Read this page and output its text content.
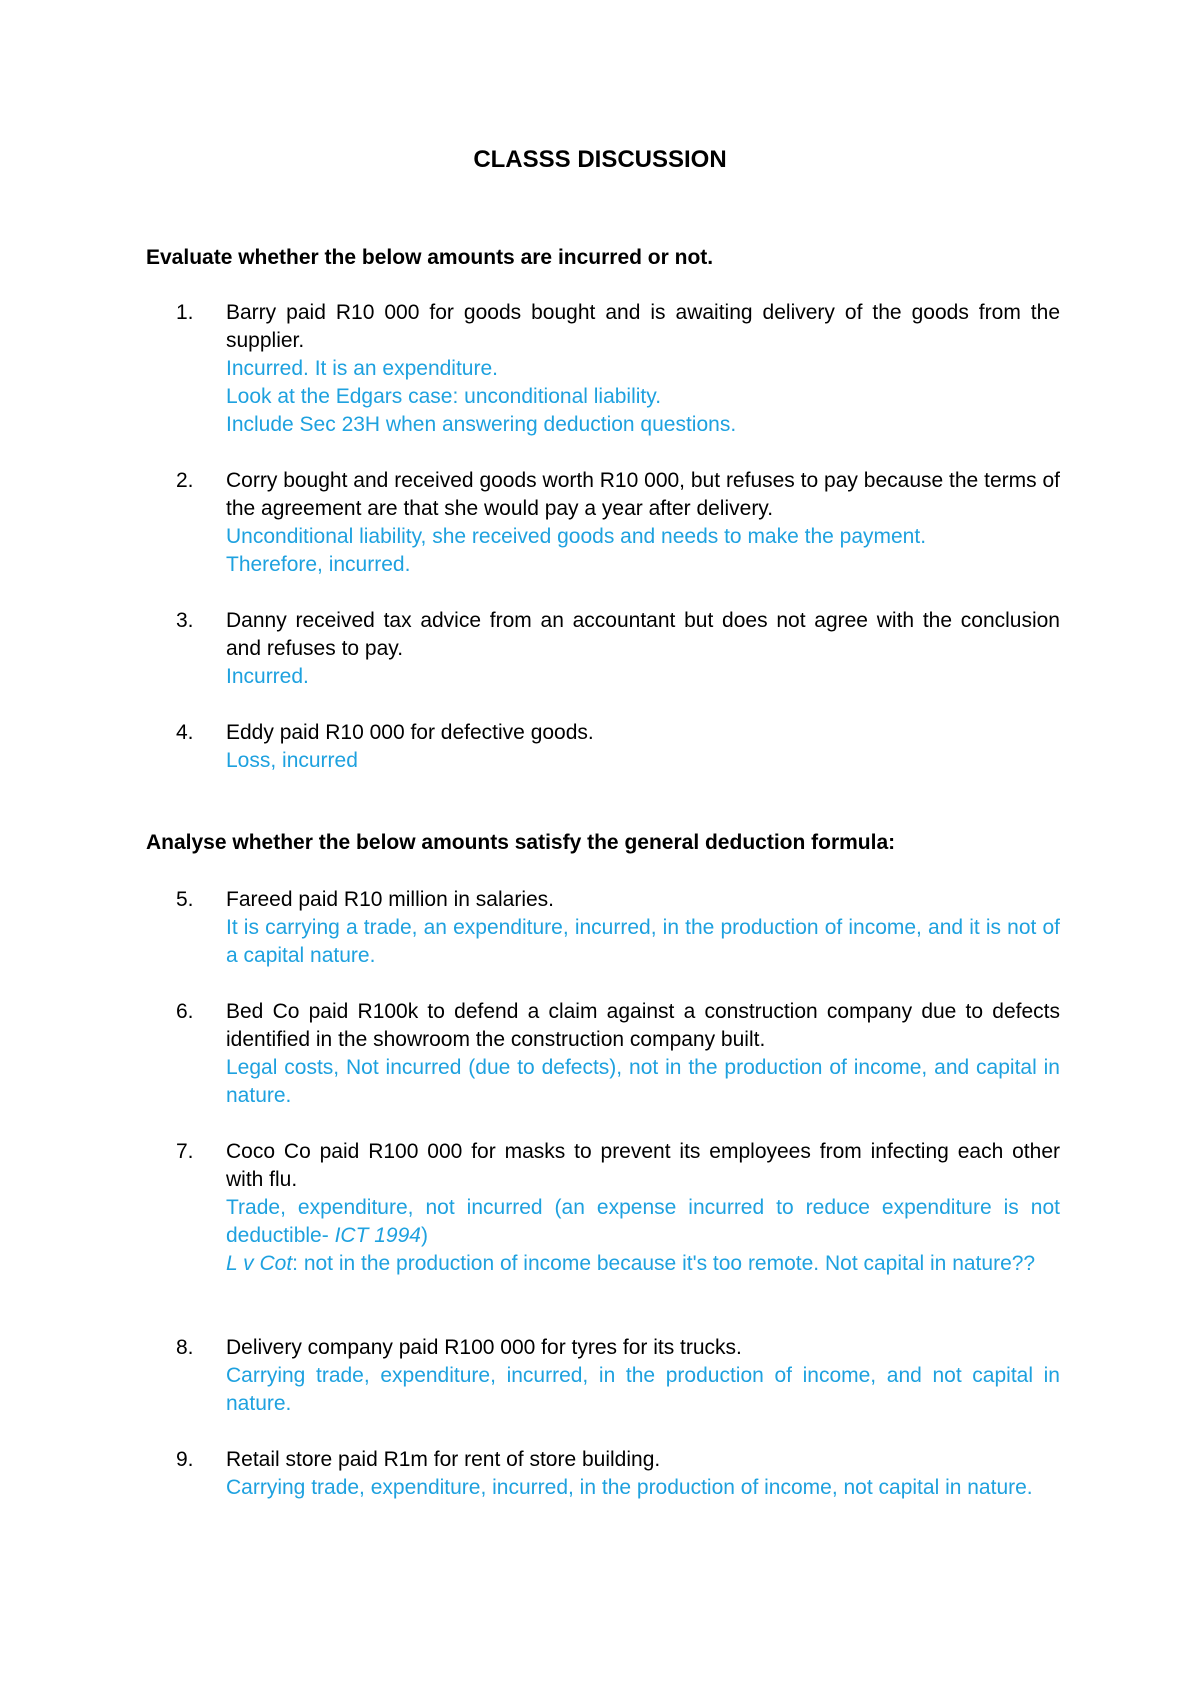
CLASSS DISCUSSION
Evaluate whether the below amounts are incurred or not.
1. Barry paid R10 000 for goods bought and is awaiting delivery of the goods from the supplier.
Incurred. It is an expenditure.
Look at the Edgars case: unconditional liability.
Include Sec 23H when answering deduction questions.
2. Corry bought and received goods worth R10 000, but refuses to pay because the terms of the agreement are that she would pay a year after delivery.
Unconditional liability, she received goods and needs to make the payment.
Therefore, incurred.
3. Danny received tax advice from an accountant but does not agree with the conclusion and refuses to pay.
Incurred.
4. Eddy paid R10 000 for defective goods.
Loss, incurred
Analyse whether the below amounts satisfy the general deduction formula:
5. Fareed paid R10 million in salaries.
It is carrying a trade, an expenditure, incurred, in the production of income, and it is not of a capital nature.
6. Bed Co paid R100k to defend a claim against a construction company due to defects identified in the showroom the construction company built.
Legal costs, Not incurred (due to defects), not in the production of income, and capital in nature.
7. Coco Co paid R100 000 for masks to prevent its employees from infecting each other with flu.
Trade, expenditure, not incurred (an expense incurred to reduce expenditure is not deductible- ICT 1994)
L v Cot: not in the production of income because it's too remote. Not capital in nature??
8. Delivery company paid R100 000 for tyres for its trucks.
Carrying trade, expenditure, incurred, in the production of income, and not capital in nature.
9. Retail store paid R1m for rent of store building.
Carrying trade, expenditure, incurred, in the production of income, not capital in nature.
